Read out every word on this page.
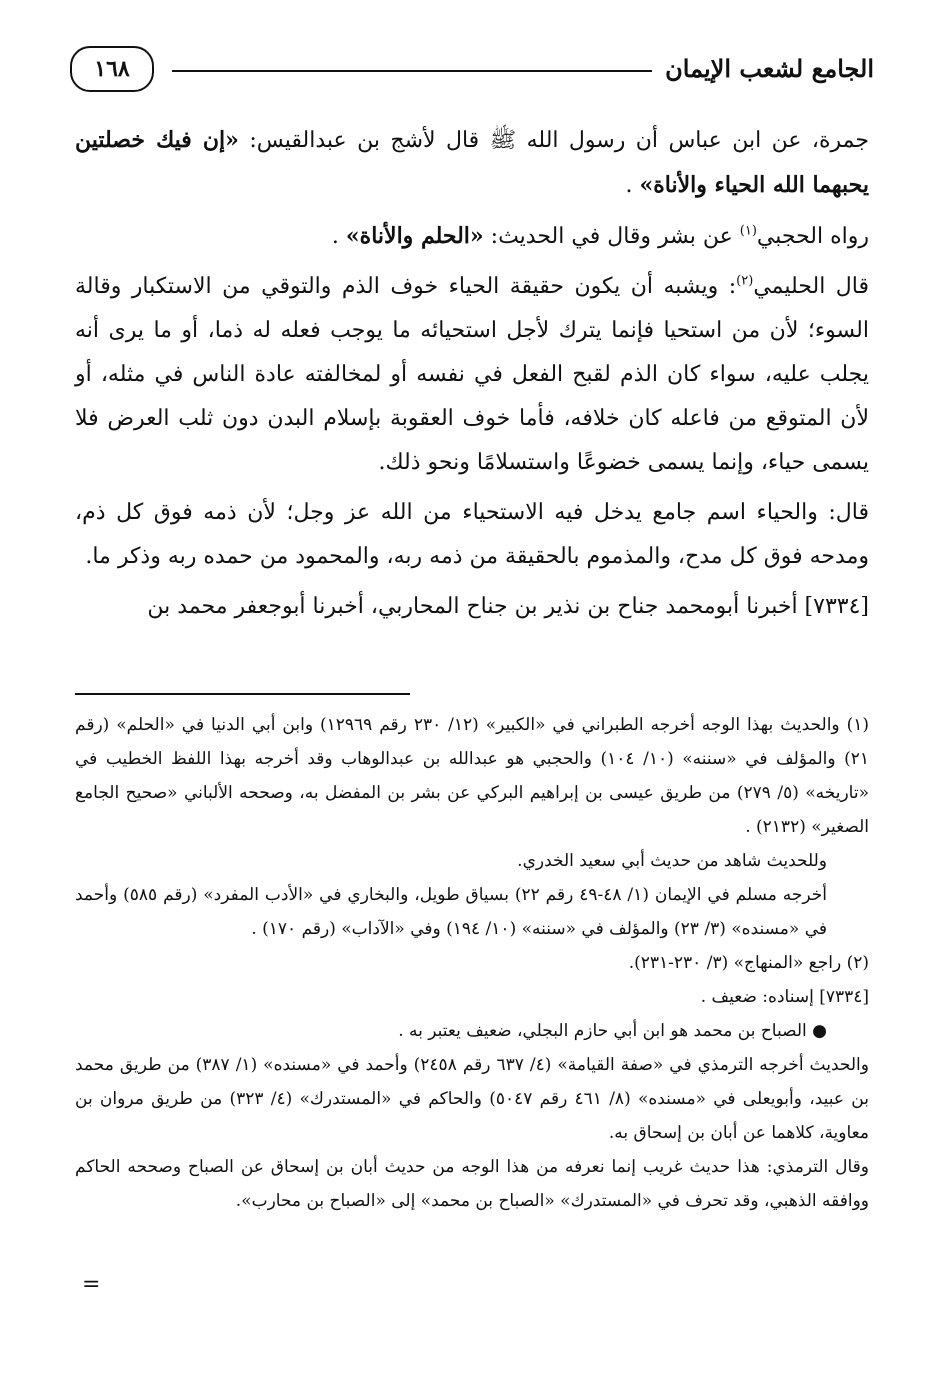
الجامع لشعب الإيمان
١٦٨

جمرة، عن ابن عباس أن رسول الله ﷺ قال لأشج بن عبدالقيس: «إن فيك خصلتين يحبهما الله الحياء والأناة» .

رواه الحجبي$^{(١)}$ عن بشر وقال في الحديث: «الحلم والأناة» .

قال الحليمي$^{(٢)}$: ويشبه أن يكون حقيقة الحياء خوف الذم والتوقي من الاستكبار وقالة السوء؛ لأن من استحيا فإنما يترك لأجل استحيائه ما يوجب فعله له ذما، أو ما يرى أنه يجلب عليه، سواء كان الذم لقبح الفعل في نفسه أو لمخالفته عادة الناس في مثله، أو لأن المتوقع من فاعله كان خلافه، فأما خوف العقوبة بإسلام البدن دون ثلب العرض فلا يسمى حياء، وإنما يسمى خضوعًا واستسلامًا ونحو ذلك.

قال: والحياء اسم جامع يدخل فيه الاستحياء من الله عز وجل؛ لأن ذمه فوق كل ذم، ومدحه فوق كل مدح، والمذموم بالحقيقة من ذمه ربه، والمحمود من حمده ربه وذكر ما.

[٧٣٣٤] أخبرنا أبومحمد جناح بن نذير بن جناح المحاربي، أخبرنا أبوجعفر محمد بن

(١) والحديث بهذا الوجه أخرجه الطبراني في «الكبير» (١٢/ ٢٣٠ رقم ١٢٩٦٩) وابن أبي الدنيا في «الحلم» (رقم ٢١) والمؤلف في «سننه» (١٠/ ١٠٤) والحجبي هو عبدالله بن عبدالوهاب وقد أخرجه بهذا اللفظ الخطيب في «تاريخه» (٥/ ٢٧٩) من طريق عيسى بن إبراهيم البركي عن بشر بن المفضل به، وصححه الألباني «صحيح الجامع الصغير» (٢١٣٢) .

وللحديث شاهد من حديث أبي سعيد الخدري.

أخرجه مسلم في الإيمان (١/ ٤٨-٤٩ رقم ٢٢) بسياق طويل، والبخاري في «الأدب المفرد» (رقم ٥٨٥) وأحمد في «مسنده» (٣/ ٢٣) والمؤلف في «سننه» (١٠/ ١٩٤) وفي «الآداب» (رقم ١٧٠) .

(٢) راجع «المنهاج» (٣/ ٢٣٠-٢٣١).

[٧٣٣٤] إسناده: ضعيف .

● الصباح بن محمد هو ابن أبي حازم البجلي، ضعيف يعتبر به .

والحديث أخرجه الترمذي في «صفة القيامة» (٤/ ٦٣٧ رقم ٢٤٥٨) وأحمد في «مسنده» (١/ ٣٨٧) من طريق محمد بن عبيد، وأبويعلى في «مسنده» (٨/ ٤٦١ رقم ٥٠٤٧) والحاكم في «المستدرك» (٤/ ٣٢٣) من طريق مروان بن معاوية، كلاهما عن أبان بن إسحاق به.

وقال الترمذي: هذا حديث غريب إنما نعرفه من هذا الوجه من حديث أبان بن إسحاق عن الصباح وصححه الحاكم ووافقه الذهبي، وقد تحرف في «المستدرك» «الصباح بن محمد» إلى «الصباح بن محارب».

=
